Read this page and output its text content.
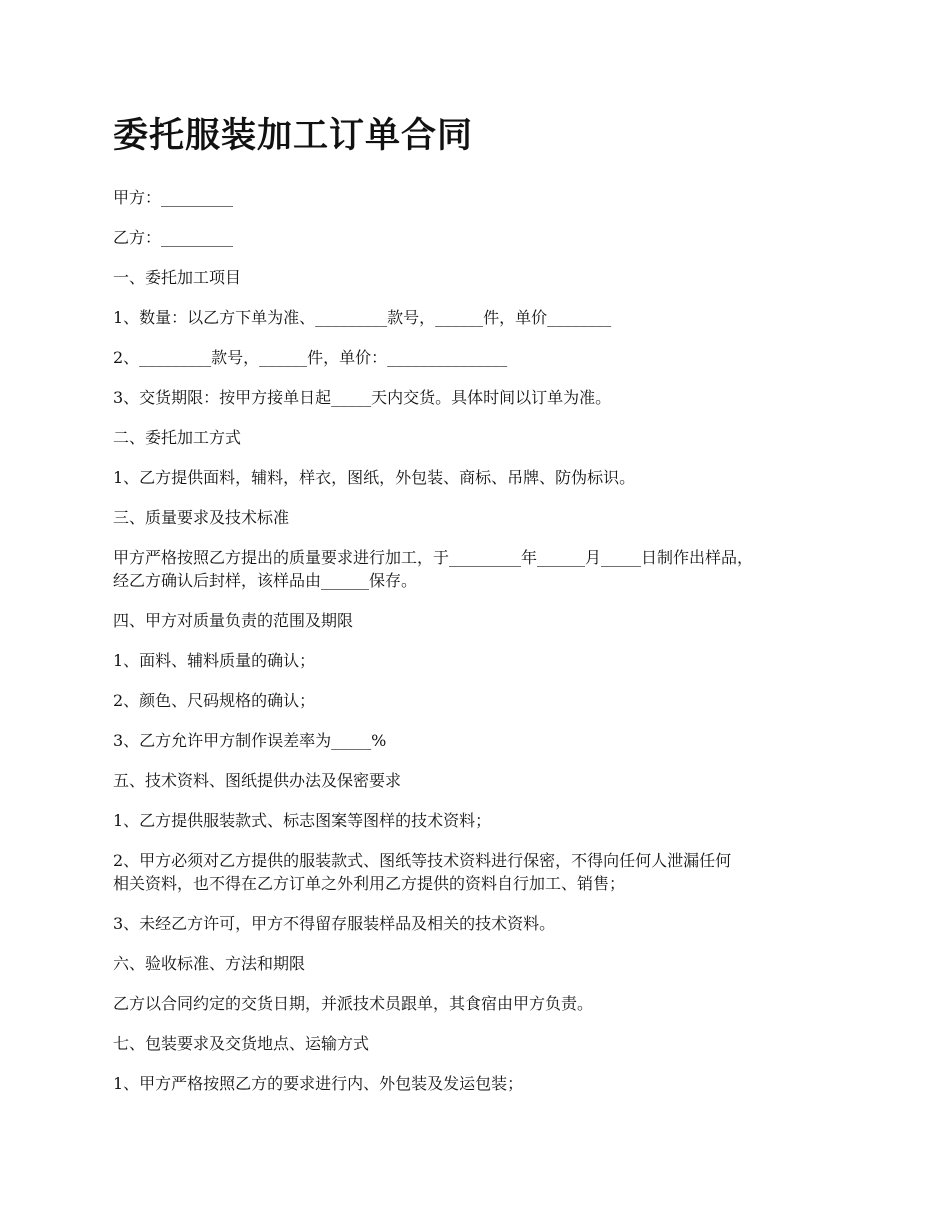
委托服装加工订单合同

甲方：_________

乙方：_________

一、委托加工项目

1、数量：以乙方下单为准、_________款号，______件，单价________

2、_________款号，______件，单价：_______________

3、交货期限：按甲方接单日起_____天内交货。具体时间以订单为准。

二、委托加工方式

1、乙方提供面料，辅料，样衣，图纸，外包装、商标、吊牌、防伪标识。

三、质量要求及技术标准

甲方严格按照乙方提出的质量要求进行加工，于_________年______月_____日制作出样品，
经乙方确认后封样，该样品由______保存。

四、甲方对质量负责的范围及期限

1、面料、辅料质量的确认；

2、颜色、尺码规格的确认；

3、乙方允许甲方制作误差率为_____%

五、技术资料、图纸提供办法及保密要求

1、乙方提供服装款式、标志图案等图样的技术资料；

2、甲方必须对乙方提供的服装款式、图纸等技术资料进行保密，不得向任何人泄漏任何
相关资料，也不得在乙方订单之外利用乙方提供的资料自行加工、销售；

3、未经乙方许可，甲方不得留存服装样品及相关的技术资料。

六、验收标准、方法和期限

乙方以合同约定的交货日期，并派技术员跟单，其食宿由甲方负责。

七、包装要求及交货地点、运输方式

1、甲方严格按照乙方的要求进行内、外包装及发运包装；
